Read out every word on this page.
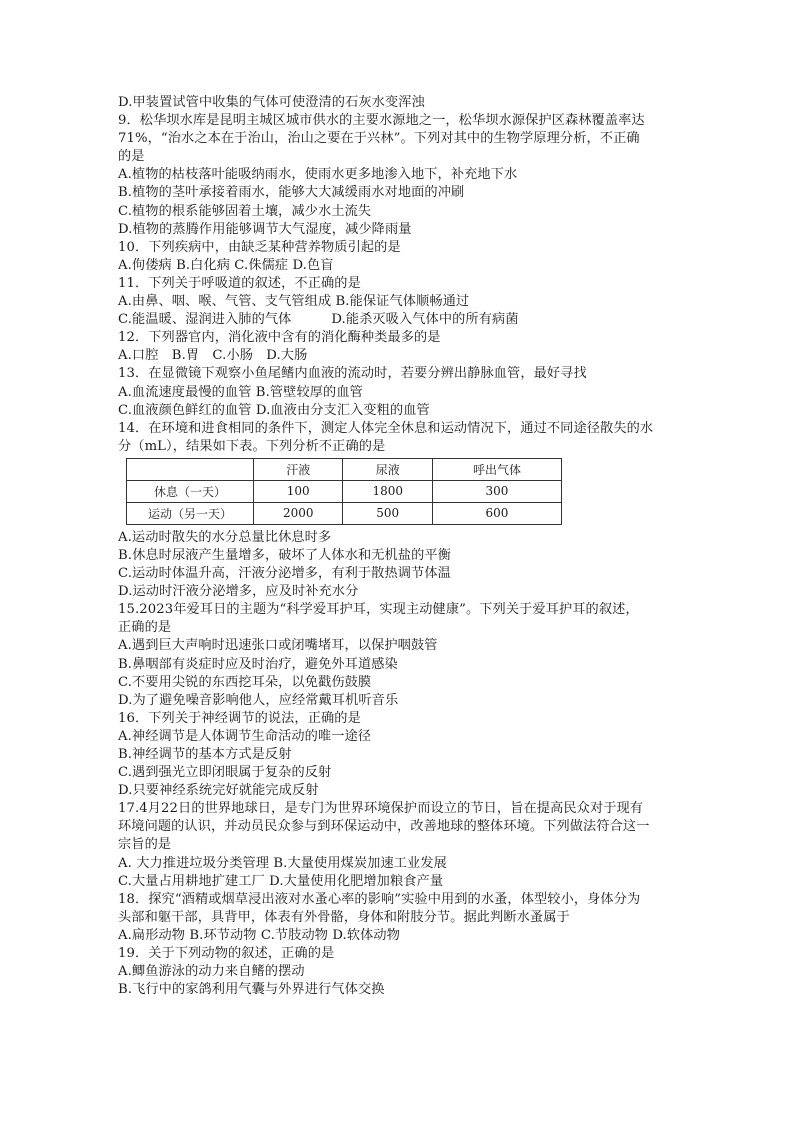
D.甲装置试管中收集的气体可使澄清的石灰水变浑浊
9．松华坝水库是昆明主城区城市供水的主要水源地之一，松华坝水源保护区森林覆盖率达
71%，“治水之本在于治山，治山之要在于兴林”。下列对其中的生物学原理分析，不正确
的是
A.植物的枯枝落叶能吸纳雨水，使雨水更多地渗入地下，补充地下水
B.植物的茎叶承接着雨水，能够大大减缓雨水对地面的冲刷
C.植物的根系能够固着土壤，减少水土流失
D.植物的蒸腾作用能够调节大气湿度，减少降雨量
10．下列疾病中，由缺乏某种营养物质引起的是
A.佝偻病 B.白化病 C.侏儒症 D.色盲
11．下列关于呼吸道的叙述，不正确的是
A.由鼻、咽、喉、气管、支气管组成 B.能保证气体顺畅通过
C.能温暖、湿润进入肺的气体　　　D.能杀灭吸入气体中的所有病菌
12．下列器官内，消化液中含有的消化酶种类最多的是
A.口腔　B.胃　C.小肠　D.大肠
13．在显微镜下观察小鱼尾鳍内血液的流动时，若要分辨出静脉血管，最好寻找
A.血流速度最慢的血管 B.管壁较厚的血管
C.血液颜色鲜红的血管 D.血液由分支汇入变粗的血管
14．在环境和进食相同的条件下，测定人体完全休息和运动情况下，通过不同途径散失的水
分（mL），结果如下表。下列分析不正确的是
	汗液	尿液	呼出气体
休息（一天）	100	1800	300
运动（另一天）	2000	500	600
A.运动时散失的水分总量比休息时多
B.休息时尿液产生量增多，破坏了人体水和无机盐的平衡
C.运动时体温升高，汗液分泌增多，有利于散热调节体温
D.运动时汗液分泌增多，应及时补充水分
15.2023年爱耳日的主题为“科学爱耳护耳，实现主动健康”。下列关于爱耳护耳的叙述，
正确的是
A.遇到巨大声响时迅速张口或闭嘴堵耳，以保护咽鼓管
B.鼻咽部有炎症时应及时治疗，避免外耳道感染
C.不要用尖锐的东西挖耳朵，以免戳伤鼓膜
D.为了避免噪音影响他人，应经常戴耳机听音乐
16．下列关于神经调节的说法，正确的是
A.神经调节是人体调节生命活动的唯一途径
B.神经调节的基本方式是反射
C.遇到强光立即闭眼属于复杂的反射
D.只要神经系统完好就能完成反射
17.4月22日的世界地球日，是专门为世界环境保护而设立的节日，旨在提高民众对于现有
环境问题的认识，并动员民众参与到环保运动中，改善地球的整体环境。下列做法符合这一
宗旨的是
A. 大力推进垃圾分类管理 B.大量使用煤炭加速工业发展
C.大量占用耕地扩建工厂 D.大量使用化肥增加粮食产量
18．探究“酒精或烟草浸出液对水蚤心率的影响”实验中用到的水蚤，体型较小，身体分为
头部和躯干部，具背甲，体表有外骨骼，身体和附肢分节。据此判断水蚤属于
A.扁形动物 B.环节动物 C.节肢动物 D.软体动物
19．关于下列动物的叙述，正确的是
A.鲫鱼游泳的动力来自鳍的摆动
B.飞行中的家鸽利用气囊与外界进行气体交换
